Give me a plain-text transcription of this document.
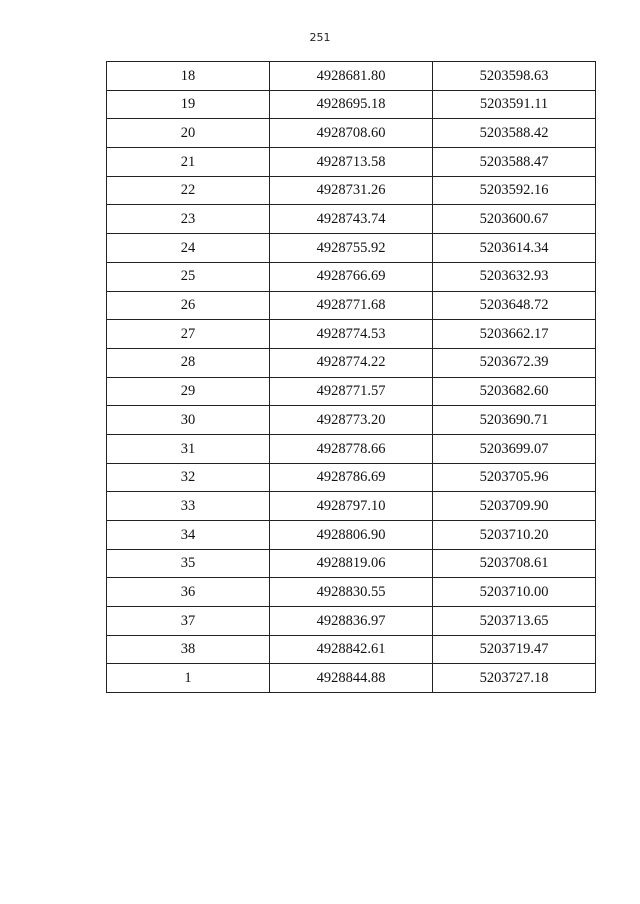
251
18	4928681.80	5203598.63
19	4928695.18	5203591.11
20	4928708.60	5203588.42
21	4928713.58	5203588.47
22	4928731.26	5203592.16
23	4928743.74	5203600.67
24	4928755.92	5203614.34
25	4928766.69	5203632.93
26	4928771.68	5203648.72
27	4928774.53	5203662.17
28	4928774.22	5203672.39
29	4928771.57	5203682.60
30	4928773.20	5203690.71
31	4928778.66	5203699.07
32	4928786.69	5203705.96
33	4928797.10	5203709.90
34	4928806.90	5203710.20
35	4928819.06	5203708.61
36	4928830.55	5203710.00
37	4928836.97	5203713.65
38	4928842.61	5203719.47
1	4928844.88	5203727.18
